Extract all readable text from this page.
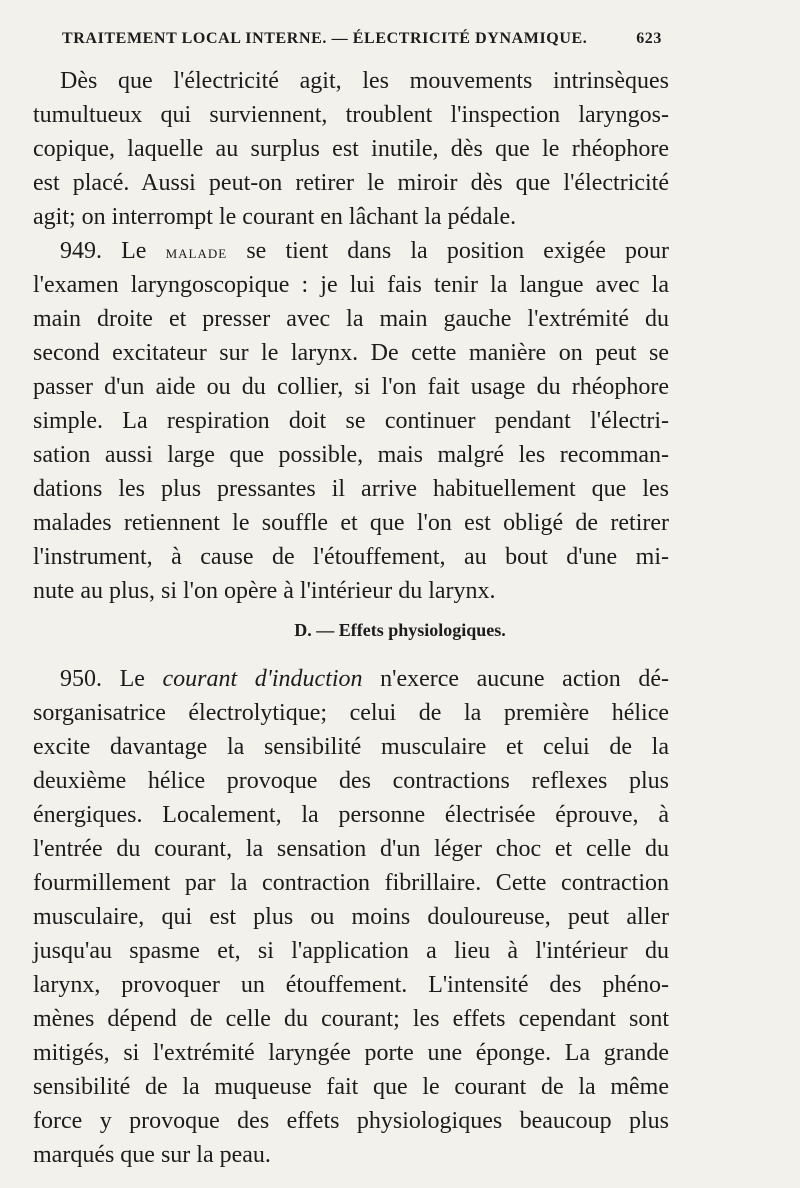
TRAITEMENT LOCAL INTERNE. — ÉLECTRICITÉ DYNAMIQUE.	623
Dès que l'électricité agit, les mouvements intrinsèques
tumultueux qui surviennent, troublent l'inspection laryngos-
copique, laquelle au surplus est inutile, dès que le rhéophore
est placé. Aussi peut-on retirer le miroir dès que l'électricité
agit; on interrompt le courant en lâchant la pédale.
949. Le malade se tient dans la position exigée pour
l'examen laryngoscopique : je lui fais tenir la langue avec la
main droite et presser avec la main gauche l'extrémité du
second excitateur sur le larynx. De cette manière on peut se
passer d'un aide ou du collier, si l'on fait usage du rhéophore
simple. La respiration doit se continuer pendant l'électri-
sation aussi large que possible, mais malgré les recomman-
dations les plus pressantes il arrive habituellement que les
malades retiennent le souffle et que l'on est obligé de retirer
l'instrument, à cause de l'étouffement, au bout d'une mi-
nute au plus, si l'on opère à l'intérieur du larynx.
D. — Effets physiologiques.
950. Le courant d'induction n'exerce aucune action dé-
sorganisatrice électrolytique; celui de la première hélice
excite davantage la sensibilité musculaire et celui de la
deuxième hélice provoque des contractions reflexes plus
énergiques. Localement, la personne électrisée éprouve, à
l'entrée du courant, la sensation d'un léger choc et celle du
fourmillement par la contraction fibrillaire. Cette contraction
musculaire, qui est plus ou moins douloureuse, peut aller
jusqu'au spasme et, si l'application a lieu à l'intérieur du
larynx, provoquer un étouffement. L'intensité des phéno-
mènes dépend de celle du courant; les effets cependant sont
mitigés, si l'extrémité laryngée porte une éponge. La grande
sensibilité de la muqueuse fait que le courant de la même
force y provoque des effets physiologiques beaucoup plus
marqués que sur la peau.
